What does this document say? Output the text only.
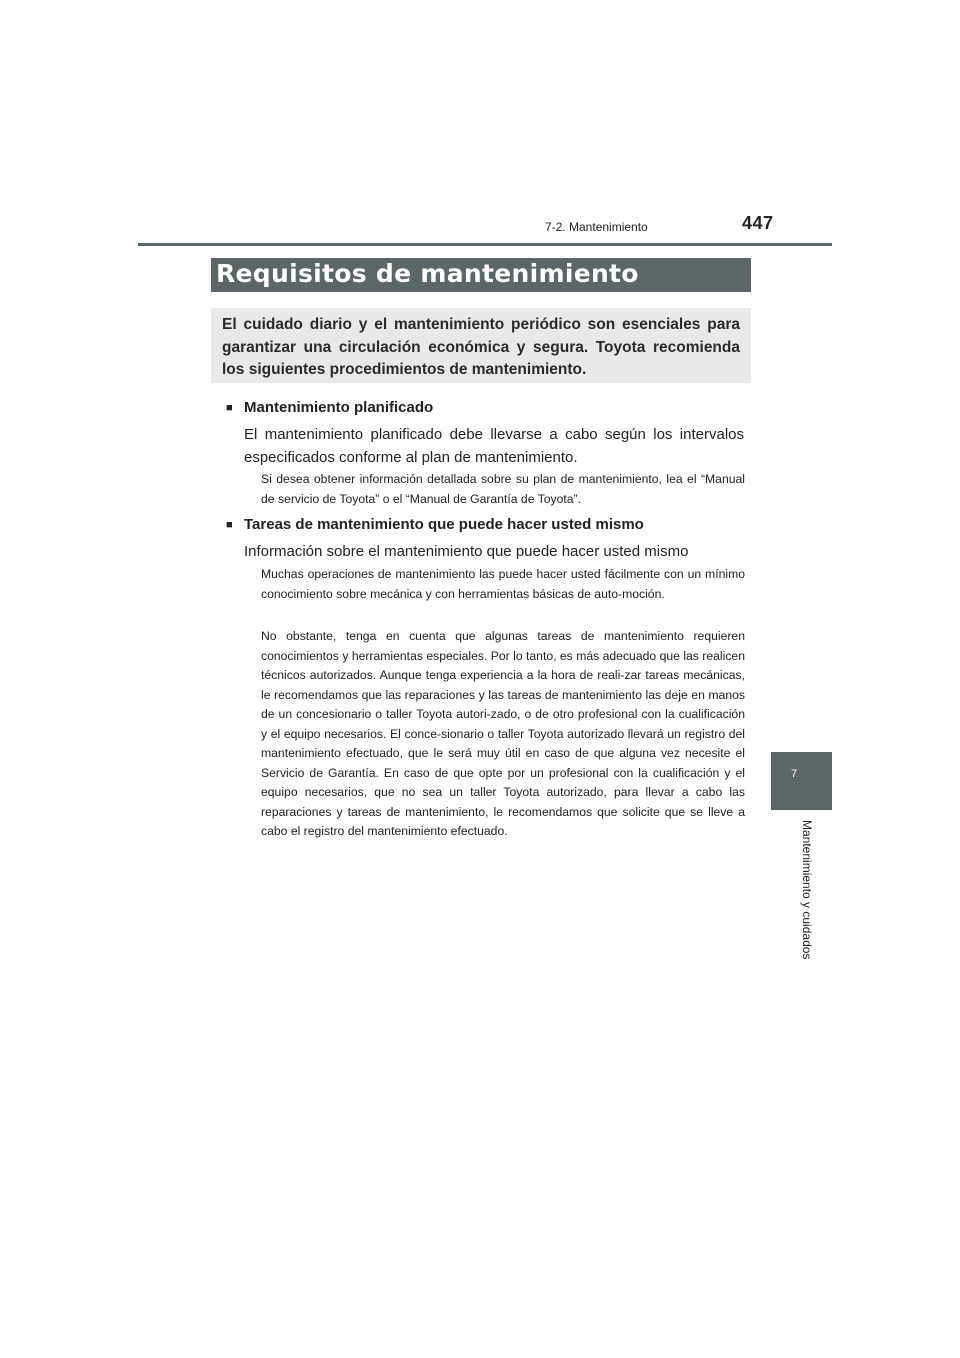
7-2. Mantenimiento	447
7
Mantenimiento y cuidados
Requisitos de mantenimiento
El cuidado diario y el mantenimiento periódico son esenciales para garantizar una circulación económica y segura. Toyota recomienda los siguientes procedimientos de mantenimiento.
■ Mantenimiento planificado
El mantenimiento planificado debe llevarse a cabo según los intervalos especificados conforme al plan de mantenimiento.
Si desea obtener información detallada sobre su plan de mantenimiento, lea el “Manual de servicio de Toyota” o el “Manual de Garantía de Toyota”.
■ Tareas de mantenimiento que puede hacer usted mismo
Información sobre el mantenimiento que puede hacer usted mismo
Muchas operaciones de mantenimiento las puede hacer usted fácilmente con un mínimo conocimiento sobre mecánica y con herramientas básicas de auto-moción.
No obstante, tenga en cuenta que algunas tareas de mantenimiento requieren conocimientos y herramientas especiales. Por lo tanto, es más adecuado que las realicen técnicos autorizados. Aunque tenga experiencia a la hora de reali-zar tareas mecánicas, le recomendamos que las reparaciones y las tareas de mantenimiento las deje en manos de un concesionario o taller Toyota autori-zado, o de otro profesional con la cualificación y el equipo necesarios. El conce-sionario o taller Toyota autorizado llevará un registro del mantenimiento efectuado, que le será muy útil en caso de que alguna vez necesite el Servicio de Garantía. En caso de que opte por un profesional con la cualificación y el equipo necesarios, que no sea un taller Toyota autorizado, para llevar a cabo las reparaciones y tareas de mantenimiento, le recomendamos que solicite que se lleve a cabo el registro del mantenimiento efectuado.
